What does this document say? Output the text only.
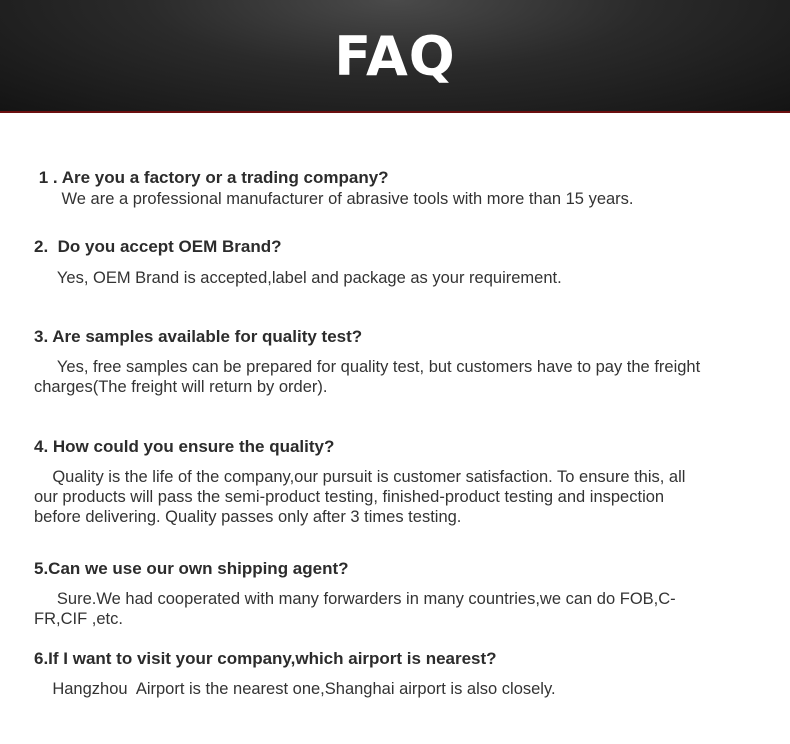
FAQ
1 . Are you a factory or a trading company?
We are a professional manufacturer of abrasive tools with more than 15 years.
2.  Do you accept OEM Brand?
Yes, OEM Brand is accepted,label and package as your requirement.
3. Are samples available for quality test?
Yes, free samples can be prepared for quality test, but customers have to pay the freight
charges(The freight will return by order).
4. How could you ensure the quality?
Quality is the life of the company,our pursuit is customer satisfaction. To ensure this, all
our products will pass the semi-product testing, finished-product testing and inspection
before delivering. Quality passes only after 3 times testing.
5.Can we use our own shipping agent?
Sure.We had cooperated with many forwarders in many countries,we can do FOB,C-
FR,CIF ,etc.
6.If I want to visit your company,which airport is nearest?
Hangzhou  Airport is the nearest one,Shanghai airport is also closely.
